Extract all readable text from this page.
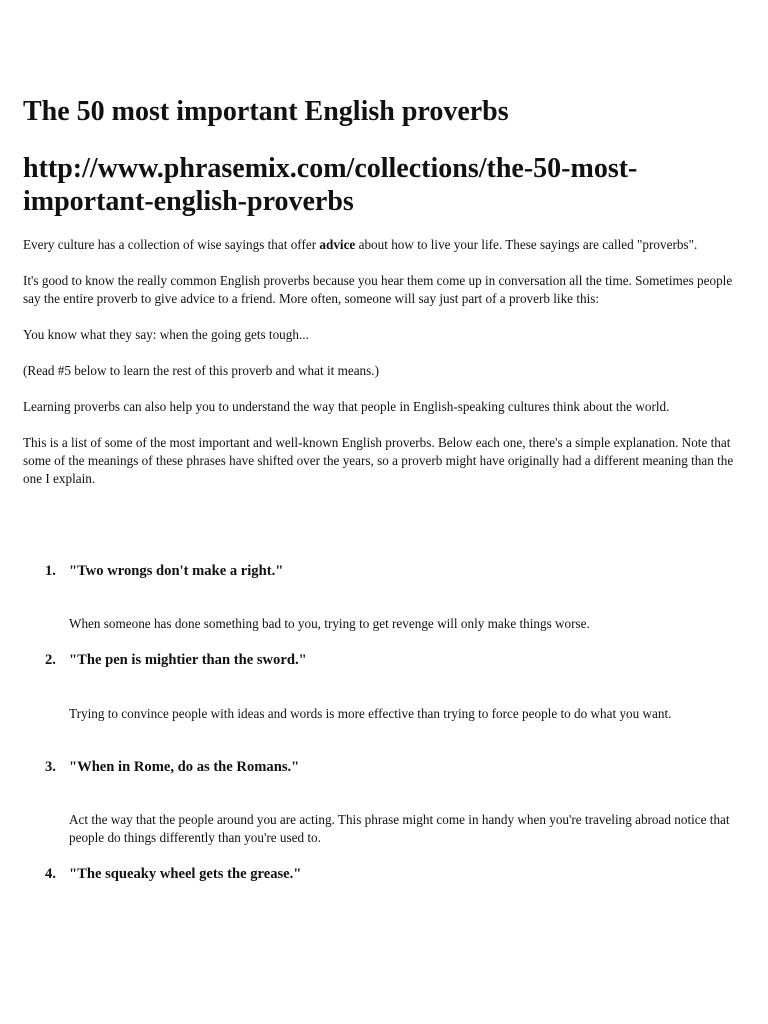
The 50 most important English proverbs
http://www.phrasemix.com/collections/the-50-most-
important-english-proverbs

Every culture has a collection of wise sayings that offer advice about how to live your life. These sayings are called "proverbs".

It's good to know the really common English proverbs because you hear them come up in conversation all the time. Sometimes people say the entire proverb to give advice to a friend. More often, someone will say just part of a proverb like this:

You know what they say: when the going gets tough...

(Read #5 below to learn the rest of this proverb and what it means.)

Learning proverbs can also help you to understand the way that people in English-speaking cultures think about the world.

This is a list of some of the most important and well-known English proverbs. Below each one, there's a simple explanation. Note that some of the meanings of these phrases have shifted over the years, so a proverb might have originally had a different meaning than the one I explain.

1. "Two wrongs don't make a right."
When someone has done something bad to you, trying to get revenge will only make things worse.
2. "The pen is mightier than the sword."
Trying to convince people with ideas and words is more effective than trying to force people to do what you want.
3. "When in Rome, do as the Romans."
Act the way that the people around you are acting. This phrase might come in handy when you're traveling abroad notice that people do things differently than you're used to.
4. "The squeaky wheel gets the grease."
